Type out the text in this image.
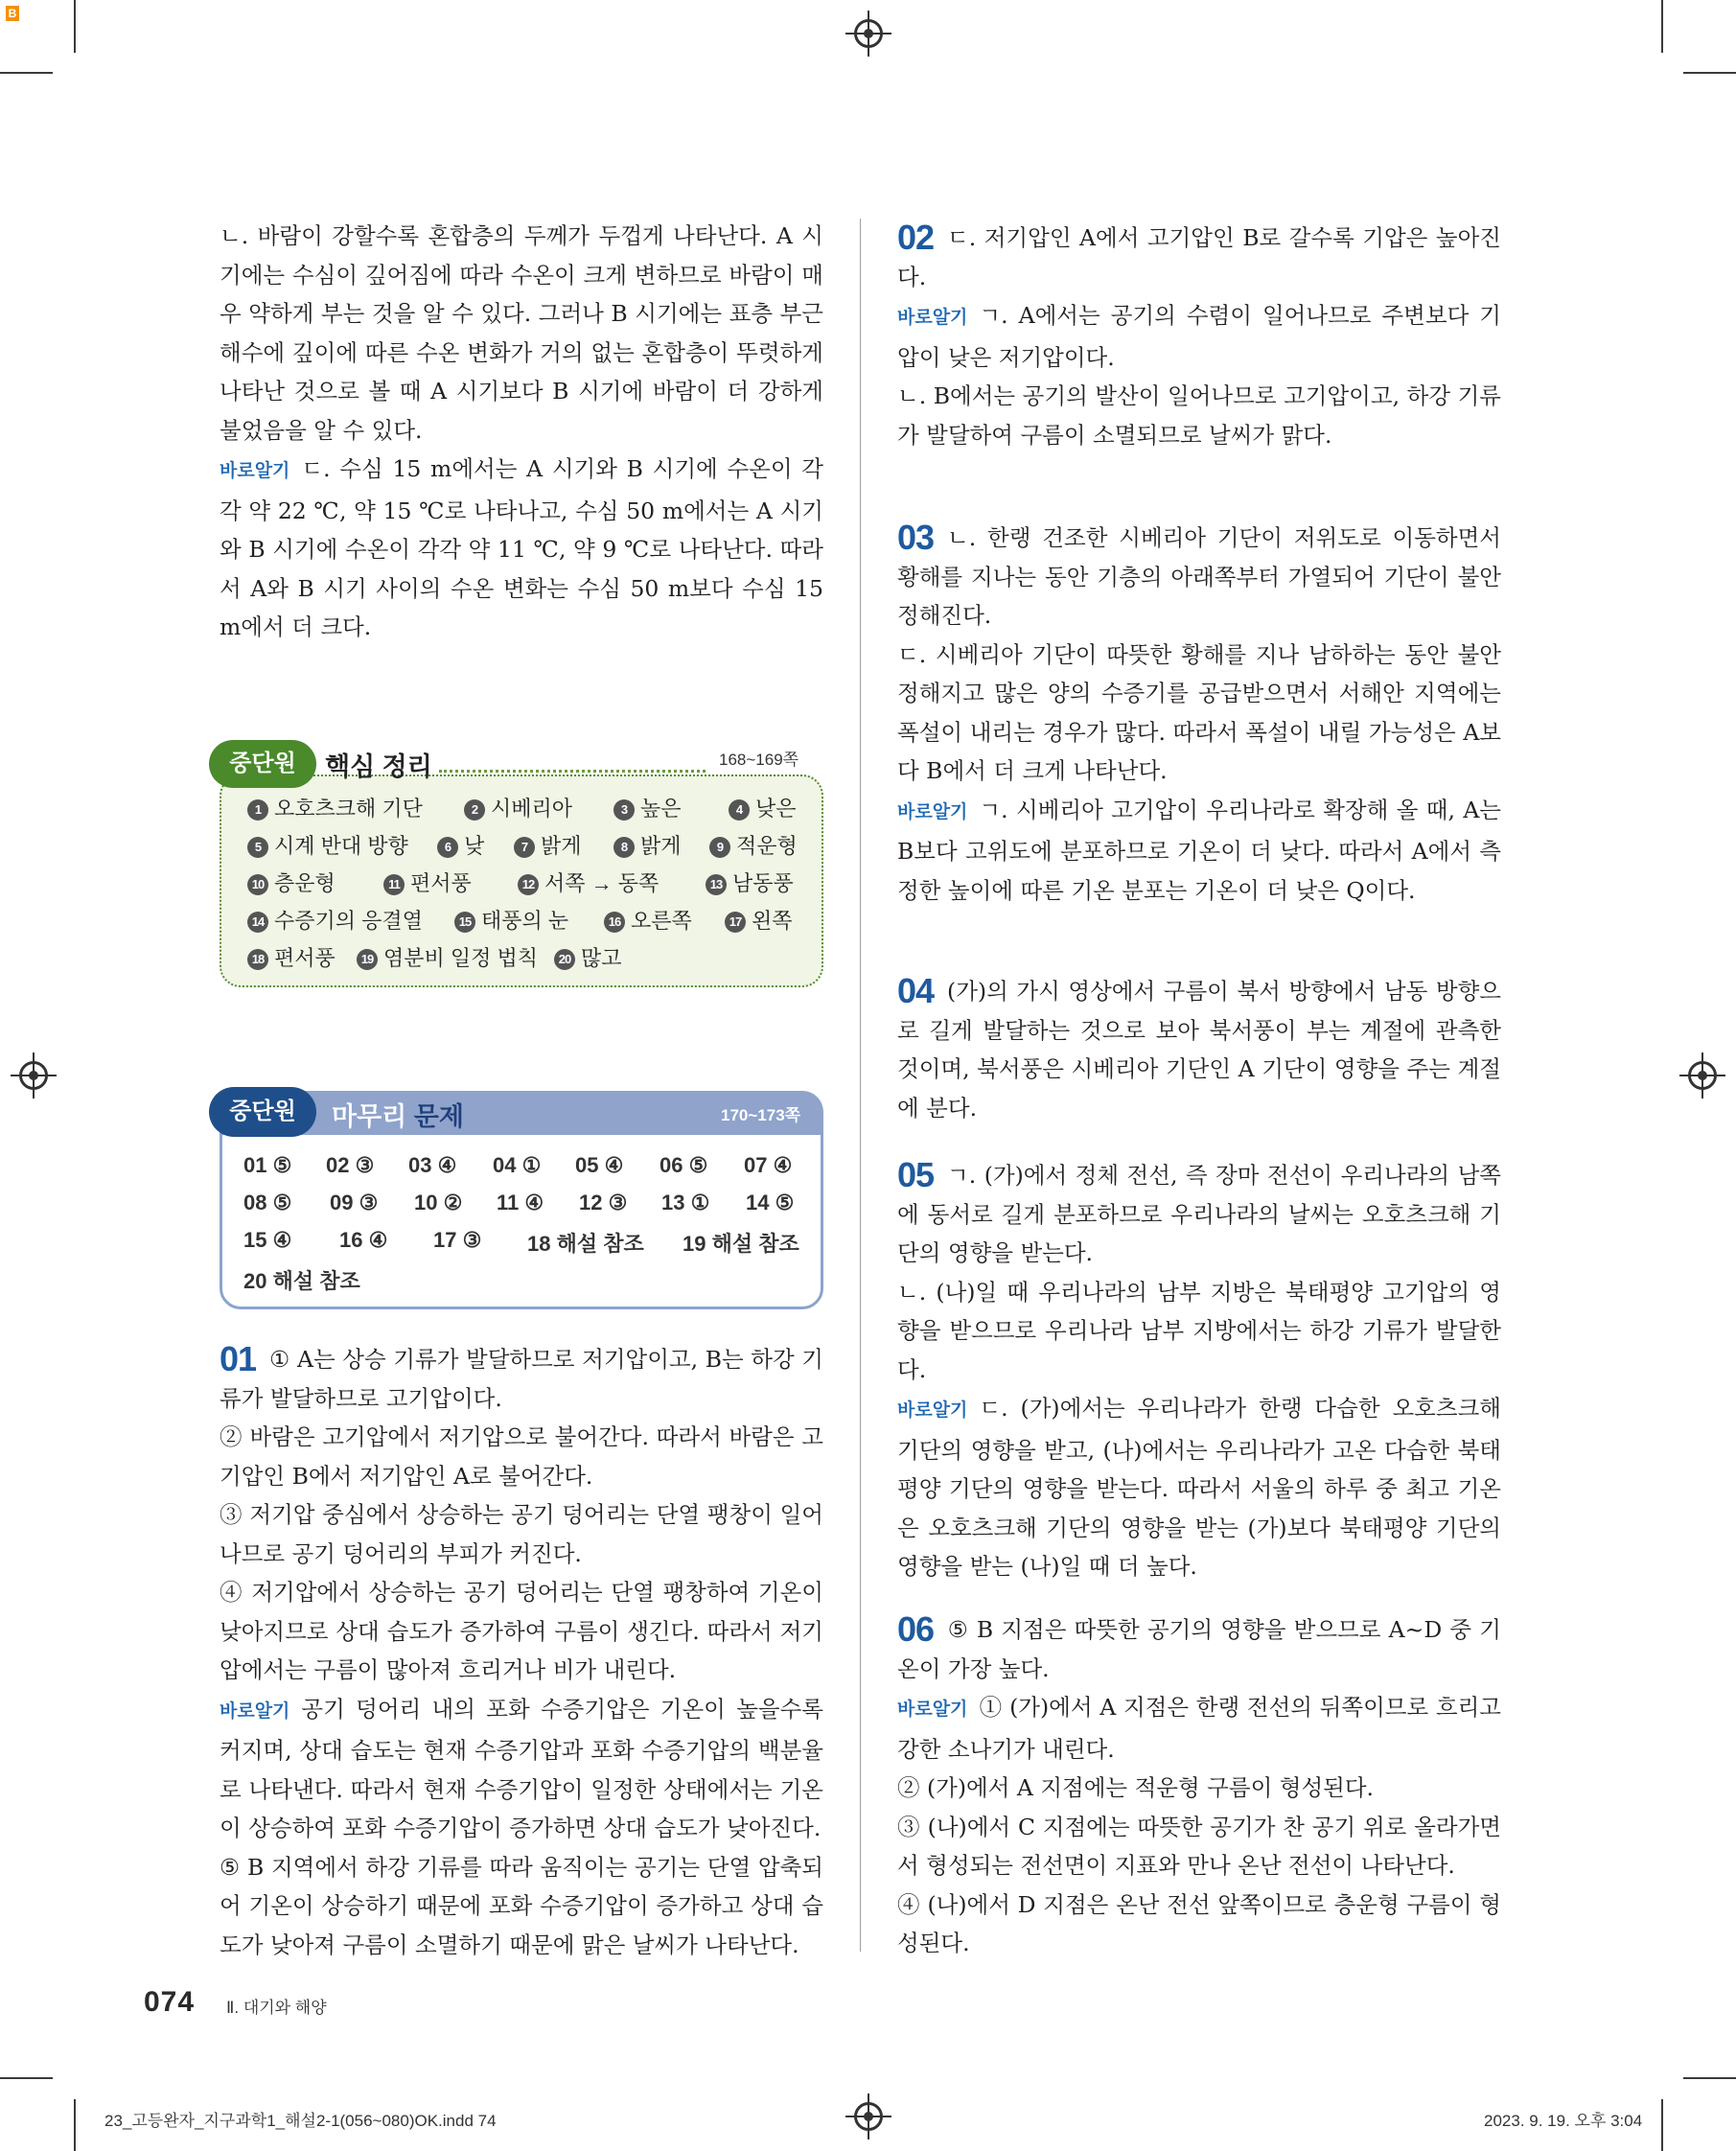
B

ㄴ. 바람이 강할수록 혼합층의 두께가 두껍게 나타난다. A 시기에는 수심이 깊어짐에 따라 수온이 크게 변하므로 바람이 매우 약하게 부는 것을 알 수 있다. 그러나 B 시기에는 표층 부근 해수에 깊이에 따른 수온 변화가 거의 없는 혼합층이 뚜렷하게 나타난 것으로 볼 때 A 시기보다 B 시기에 바람이 더 강하게 불었음을 알 수 있다.

바로알기 ㄷ. 수심 15 m에서는 A 시기와 B 시기에 수온이 각각 약 22 ℃, 약 15 ℃로 나타나고, 수심 50 m에서는 A 시기와 B 시기에 수온이 각각 약 11 ℃, 약 9 ℃로 나타난다. 따라서 A와 B 시기 사이의 수온 변화는 수심 50 m보다 수심 15 m에서 더 크다.

중단원	핵심 정리	168~169쪽
1 오호츠크해 기단	2 시베리아	3 높은	4 낮은
5 시계 반대 방향	6 낮	7 밝게	8 밝게	9 적운형
10 층운형	11 편서풍	12 서쪽 → 동쪽	13 남동풍
14 수증기의 응결열	15 태풍의 눈	16 오른쪽	17 왼쪽
18 편서풍	19 염분비 일정 법칙	20 많고
중단원	마무리 문제	170~173쪽
01 ⑤ 02 ③ 03 ④ 04 ① 05 ④ 06 ⑤ 07 ④
08 ⑤ 09 ③ 10 ② 11 ④ 12 ③ 13 ① 14 ⑤
15 ④ 16 ④ 17 ③ 18 해설 참조 19 해설 참조
20 해설 참조

01 ① A는 상승 기류가 발달하므로 저기압이고, B는 하강 기류가 발달하므로 고기압이다.

② 바람은 고기압에서 저기압으로 불어간다. 따라서 바람은 고기압인 B에서 저기압인 A로 불어간다.

③ 저기압 중심에서 상승하는 공기 덩어리는 단열 팽창이 일어나므로 공기 덩어리의 부피가 커진다.

④ 저기압에서 상승하는 공기 덩어리는 단열 팽창하여 기온이 낮아지므로 상대 습도가 증가하여 구름이 생긴다. 따라서 저기압에서는 구름이 많아져 흐리거나 비가 내린다.

바로알기 공기 덩어리 내의 포화 수증기압은 기온이 높을수록 커지며, 상대 습도는 현재 수증기압과 포화 수증기압의 백분율로 나타낸다. 따라서 현재 수증기압이 일정한 상태에서는 기온이 상승하여 포화 수증기압이 증가하면 상대 습도가 낮아진다.

⑤ B 지역에서 하강 기류를 따라 움직이는 공기는 단열 압축되어 기온이 상승하기 때문에 포화 수증기압이 증가하고 상대 습도가 낮아져 구름이 소멸하기 때문에 맑은 날씨가 나타난다.

02 ㄷ. 저기압인 A에서 고기압인 B로 갈수록 기압은 높아진다.

바로알기 ㄱ. A에서는 공기의 수렴이 일어나므로 주변보다 기압이 낮은 저기압이다.

ㄴ. B에서는 공기의 발산이 일어나므로 고기압이고, 하강 기류가 발달하여 구름이 소멸되므로 날씨가 맑다.

03 ㄴ. 한랭 건조한 시베리아 기단이 저위도로 이동하면서 황해를 지나는 동안 기층의 아래쪽부터 가열되어 기단이 불안정해진다.

ㄷ. 시베리아 기단이 따뜻한 황해를 지나 남하하는 동안 불안정해지고 많은 양의 수증기를 공급받으면서 서해안 지역에는 폭설이 내리는 경우가 많다. 따라서 폭설이 내릴 가능성은 A보다 B에서 더 크게 나타난다.

바로알기 ㄱ. 시베리아 고기압이 우리나라로 확장해 올 때, A는 B보다 고위도에 분포하므로 기온이 더 낮다. 따라서 A에서 측정한 높이에 따른 기온 분포는 기온이 더 낮은 Q이다.

04 (가)의 가시 영상에서 구름이 북서 방향에서 남동 방향으로 길게 발달하는 것으로 보아 북서풍이 부는 계절에 관측한 것이며, 북서풍은 시베리아 기단인 A 기단이 영향을 주는 계절에 분다.

05 ㄱ. (가)에서 정체 전선, 즉 장마 전선이 우리나라의 남쪽에 동서로 길게 분포하므로 우리나라의 날씨는 오호츠크해 기단의 영향을 받는다.

ㄴ. (나)일 때 우리나라의 남부 지방은 북태평양 고기압의 영향을 받으므로 우리나라 남부 지방에서는 하강 기류가 발달한다.

바로알기 ㄷ. (가)에서는 우리나라가 한랭 다습한 오호츠크해 기단의 영향을 받고, (나)에서는 우리나라가 고온 다습한 북태평양 기단의 영향을 받는다. 따라서 서울의 하루 중 최고 기온은 오호츠크해 기단의 영향을 받는 (가)보다 북태평양 기단의 영향을 받는 (나)일 때 더 높다.

06 ⑤ B 지점은 따뜻한 공기의 영향을 받으므로 A~D 중 기온이 가장 높다.

바로알기 ① (가)에서 A 지점은 한랭 전선의 뒤쪽이므로 흐리고 강한 소나기가 내린다.

② (가)에서 A 지점에는 적운형 구름이 형성된다.

③ (나)에서 C 지점에는 따뜻한 공기가 찬 공기 위로 올라가면서 형성되는 전선면이 지표와 만나 온난 전선이 나타난다.

④ (나)에서 D 지점은 온난 전선 앞쪽이므로 층운형 구름이 형성된다.

074 Ⅱ. 대기와 해양
23_고등완자_지구과학1_해설2-1(056~080)OK.indd 74	2023. 9. 19. 오후 3:04
